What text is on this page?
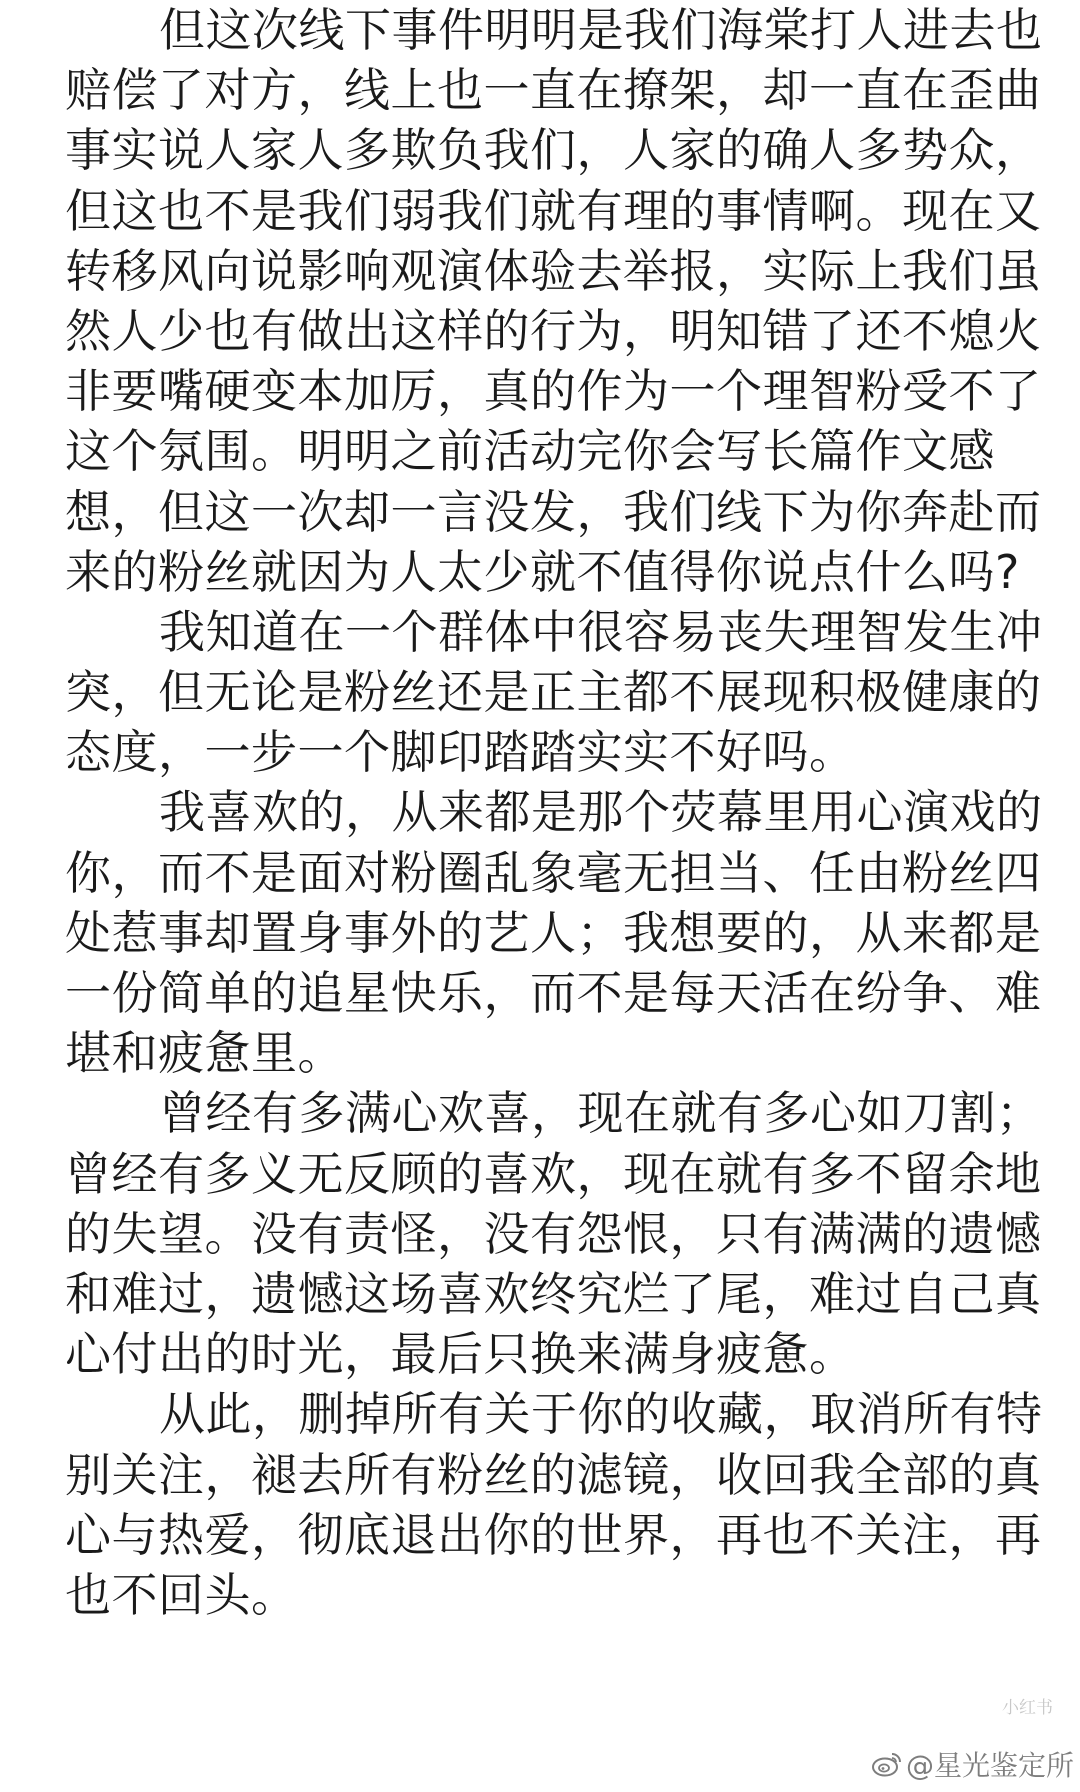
但这次线下事件明明是我们海棠打人进去也
赔偿了对方，线上也一直在撩架，却一直在歪曲
事实说人家人多欺负我们，人家的确人多势众，
但这也不是我们弱我们就有理的事情啊。现在又
转移风向说影响观演体验去举报，实际上我们虽
然人少也有做出这样的行为，明知错了还不熄火
非要嘴硬变本加厉，真的作为一个理智粉受不了
这个氛围。明明之前活动完你会写长篇作文感
想，但这一次却一言没发，我们线下为你奔赴而
来的粉丝就因为人太少就不值得你说点什么吗?
我知道在一个群体中很容易丧失理智发生冲
突，但无论是粉丝还是正主都不展现积极健康的
态度，一步一个脚印踏踏实实不好吗。
我喜欢的，从来都是那个荧幕里用心演戏的
你，而不是面对粉圈乱象毫无担当、任由粉丝四
处惹事却置身事外的艺人；我想要的，从来都是
一份简单的追星快乐，而不是每天活在纷争、难
堪和疲惫里。
曾经有多满心欢喜，现在就有多心如刀割；
曾经有多义无反顾的喜欢，现在就有多不留余地
的失望。没有责怪，没有怨恨，只有满满的遗憾
和难过，遗憾这场喜欢终究烂了尾，难过自己真
心付出的时光，最后只换来满身疲惫。
从此，删掉所有关于你的收藏，取消所有特
别关注，褪去所有粉丝的滤镜，收回我全部的真
心与热爱，彻底退出你的世界，再也不关注，再
也不回头。
小红书
@星光鉴定所
